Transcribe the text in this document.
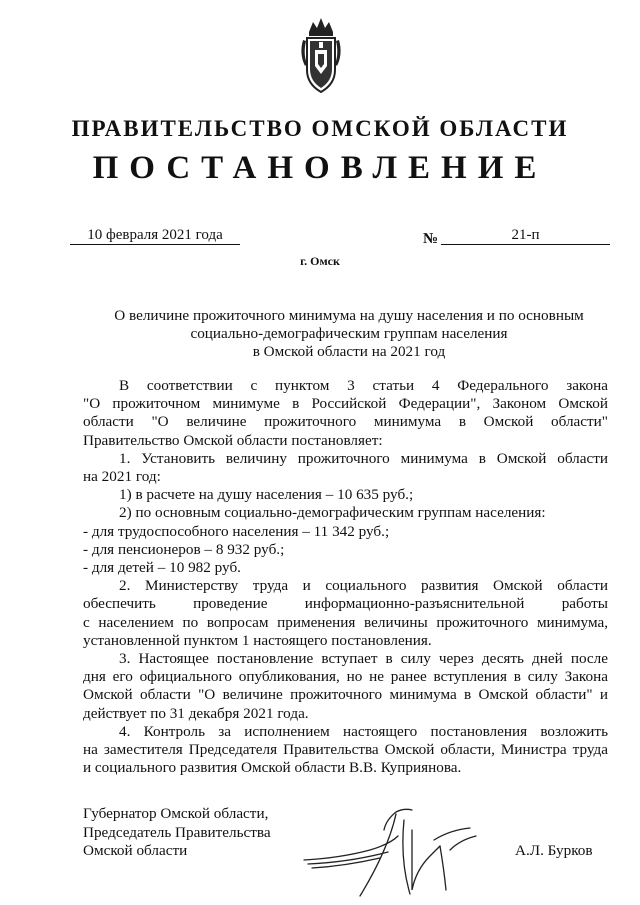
ПРАВИТЕЛЬСТВО ОМСКОЙ ОБЛАСТИ
ПОСТАНОВЛЕНИЕ
10 февраля 2021 года	№	21-п
г. Омск
О величине прожиточного минимума на душу населения и по основным
социально-демографическим группам населения
в Омской области на 2021 год

В соответствии с пунктом 3 статьи 4 Федерального закона

"О прожиточном минимуме в Российской Федерации", Законом Омской

области "О величине прожиточного минимума в Омской области"

Правительство Омской области постановляет:

1. Установить величину прожиточного минимума в Омской области

на 2021 год:

1) в расчете на душу населения – 10 635 руб.;

2) по основным социально-демографическим группам населения:

- для трудоспособного населения – 11 342 руб.;

- для пенсионеров – 8 932 руб.;

- для детей – 10 982 руб.

2. Министерству труда и социального развития Омской области

обеспечить проведение информационно-разъяснительной работы

с населением по вопросам применения величины прожиточного минимума,

установленной пунктом 1 настоящего постановления.

3. Настоящее постановление вступает в силу через десять дней после

дня его официального опубликования, но не ранее вступления в силу Закона

Омской области "О величине прожиточного минимума в Омской области" и

действует по 31 декабря 2021 года.

4. Контроль за исполнением настоящего постановления возложить

на заместителя Председателя Правительства Омской области, Министра труда

и социального развития Омской области В.В. Куприянова.

Губернатор Омской области,
Председатель Правительства
Омской области	А.Л. Бурков
